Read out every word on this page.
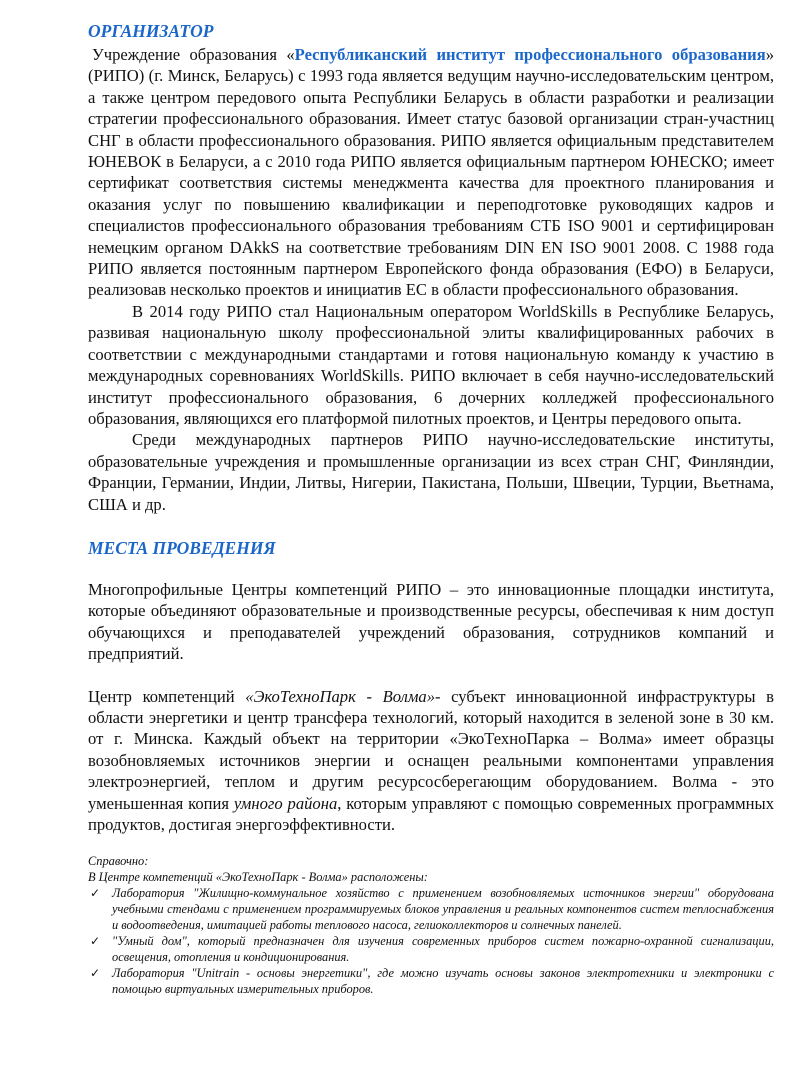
ОРГАНИЗАТОР

Учреждение образования «Республиканский институт профессионального образования» (РИПО) (г. Минск, Беларусь) с 1993 года является ведущим научно-исследовательским центром, а также центром передового опыта Республики Беларусь в области разработки и реализации стратегии профессионального образования. Имеет статус базовой организации стран-участниц СНГ в области профессионального образования. РИПО является официальным представителем ЮНЕВОК в Беларуси, а с 2010 года РИПО является официальным партнером ЮНЕСКО; имеет сертификат соответствия системы менеджмента качества для проектного планирования и оказания услуг по повышению квалификации и переподготовке руководящих кадров и специалистов профессионального образования требованиям СТБ ISO 9001 и сертифицирован немецким органом DAkkS на соответствие требованиям DIN EN ISO 9001 2008. С 1988 года РИПО является постоянным партнером Европейского фонда образования (ЕФО) в Беларуси, реализовав несколько проектов и инициатив ЕС в области профессионального образования.

В 2014 году РИПО стал Национальным оператором WorldSkills в Республике Беларусь, развивая национальную школу профессиональной элиты квалифицированных рабочих в соответствии с международными стандартами и готовя национальную команду к участию в международных соревнованиях WorldSkills. РИПО включает в себя научно-исследовательский институт профессионального образования, 6 дочерних колледжей профессионального образования, являющихся его платформой пилотных проектов, и Центры передового опыта.

Среди международных партнеров РИПО научно-исследовательские институты, образовательные учреждения и промышленные организации из всех стран СНГ, Финляндии, Франции, Германии, Индии, Литвы, Нигерии, Пакистана, Польши, Швеции, Турции, Вьетнама, США и др.

МЕСТА ПРОВЕДЕНИЯ

Многопрофильные Центры компетенций РИПО – это инновационные площадки института, которые объединяют образовательные и производственные ресурсы, обеспечивая к ним доступ обучающихся и преподавателей учреждений образования, сотрудников компаний и предприятий.

Центр компетенций «ЭкоТехноПарк - Волма»- субъект инновационной инфраструктуры в области энергетики и центр трансфера технологий, который находится в зеленой зоне в 30 км. от г. Минска. Каждый объект на территории «ЭкоТехноПарка – Волма» имеет образцы возобновляемых источников энергии и оснащен реальными компонентами управления электроэнергией, теплом и другим ресурсосберегающим оборудованием. Волма - это уменьшенная копия умного района, которым управляют с помощью современных программных продуктов, достигая энергоэффективности.

Справочно:

В Центре компетенций «ЭкоТехноПарк - Волма» расположены:

✓ Лаборатория "Жилищно-коммунальное хозяйство с применением возобновляемых источников энергии" оборудована учебными стендами с применением программируемых блоков управления и реальных компонентов систем теплоснабжения и водоотведения, имитацией работы теплового насоса, гелиоколлекторов и солнечных панелей.
✓ "Умный дом", который предназначен для изучения современных приборов систем пожарно-охранной сигнализации, освещения, отопления и кондиционирования.
✓ Лаборатория "Unitrain - основы энергетики", где можно изучать основы законов электротехники и электроники с помощью виртуальных измерительных приборов.
